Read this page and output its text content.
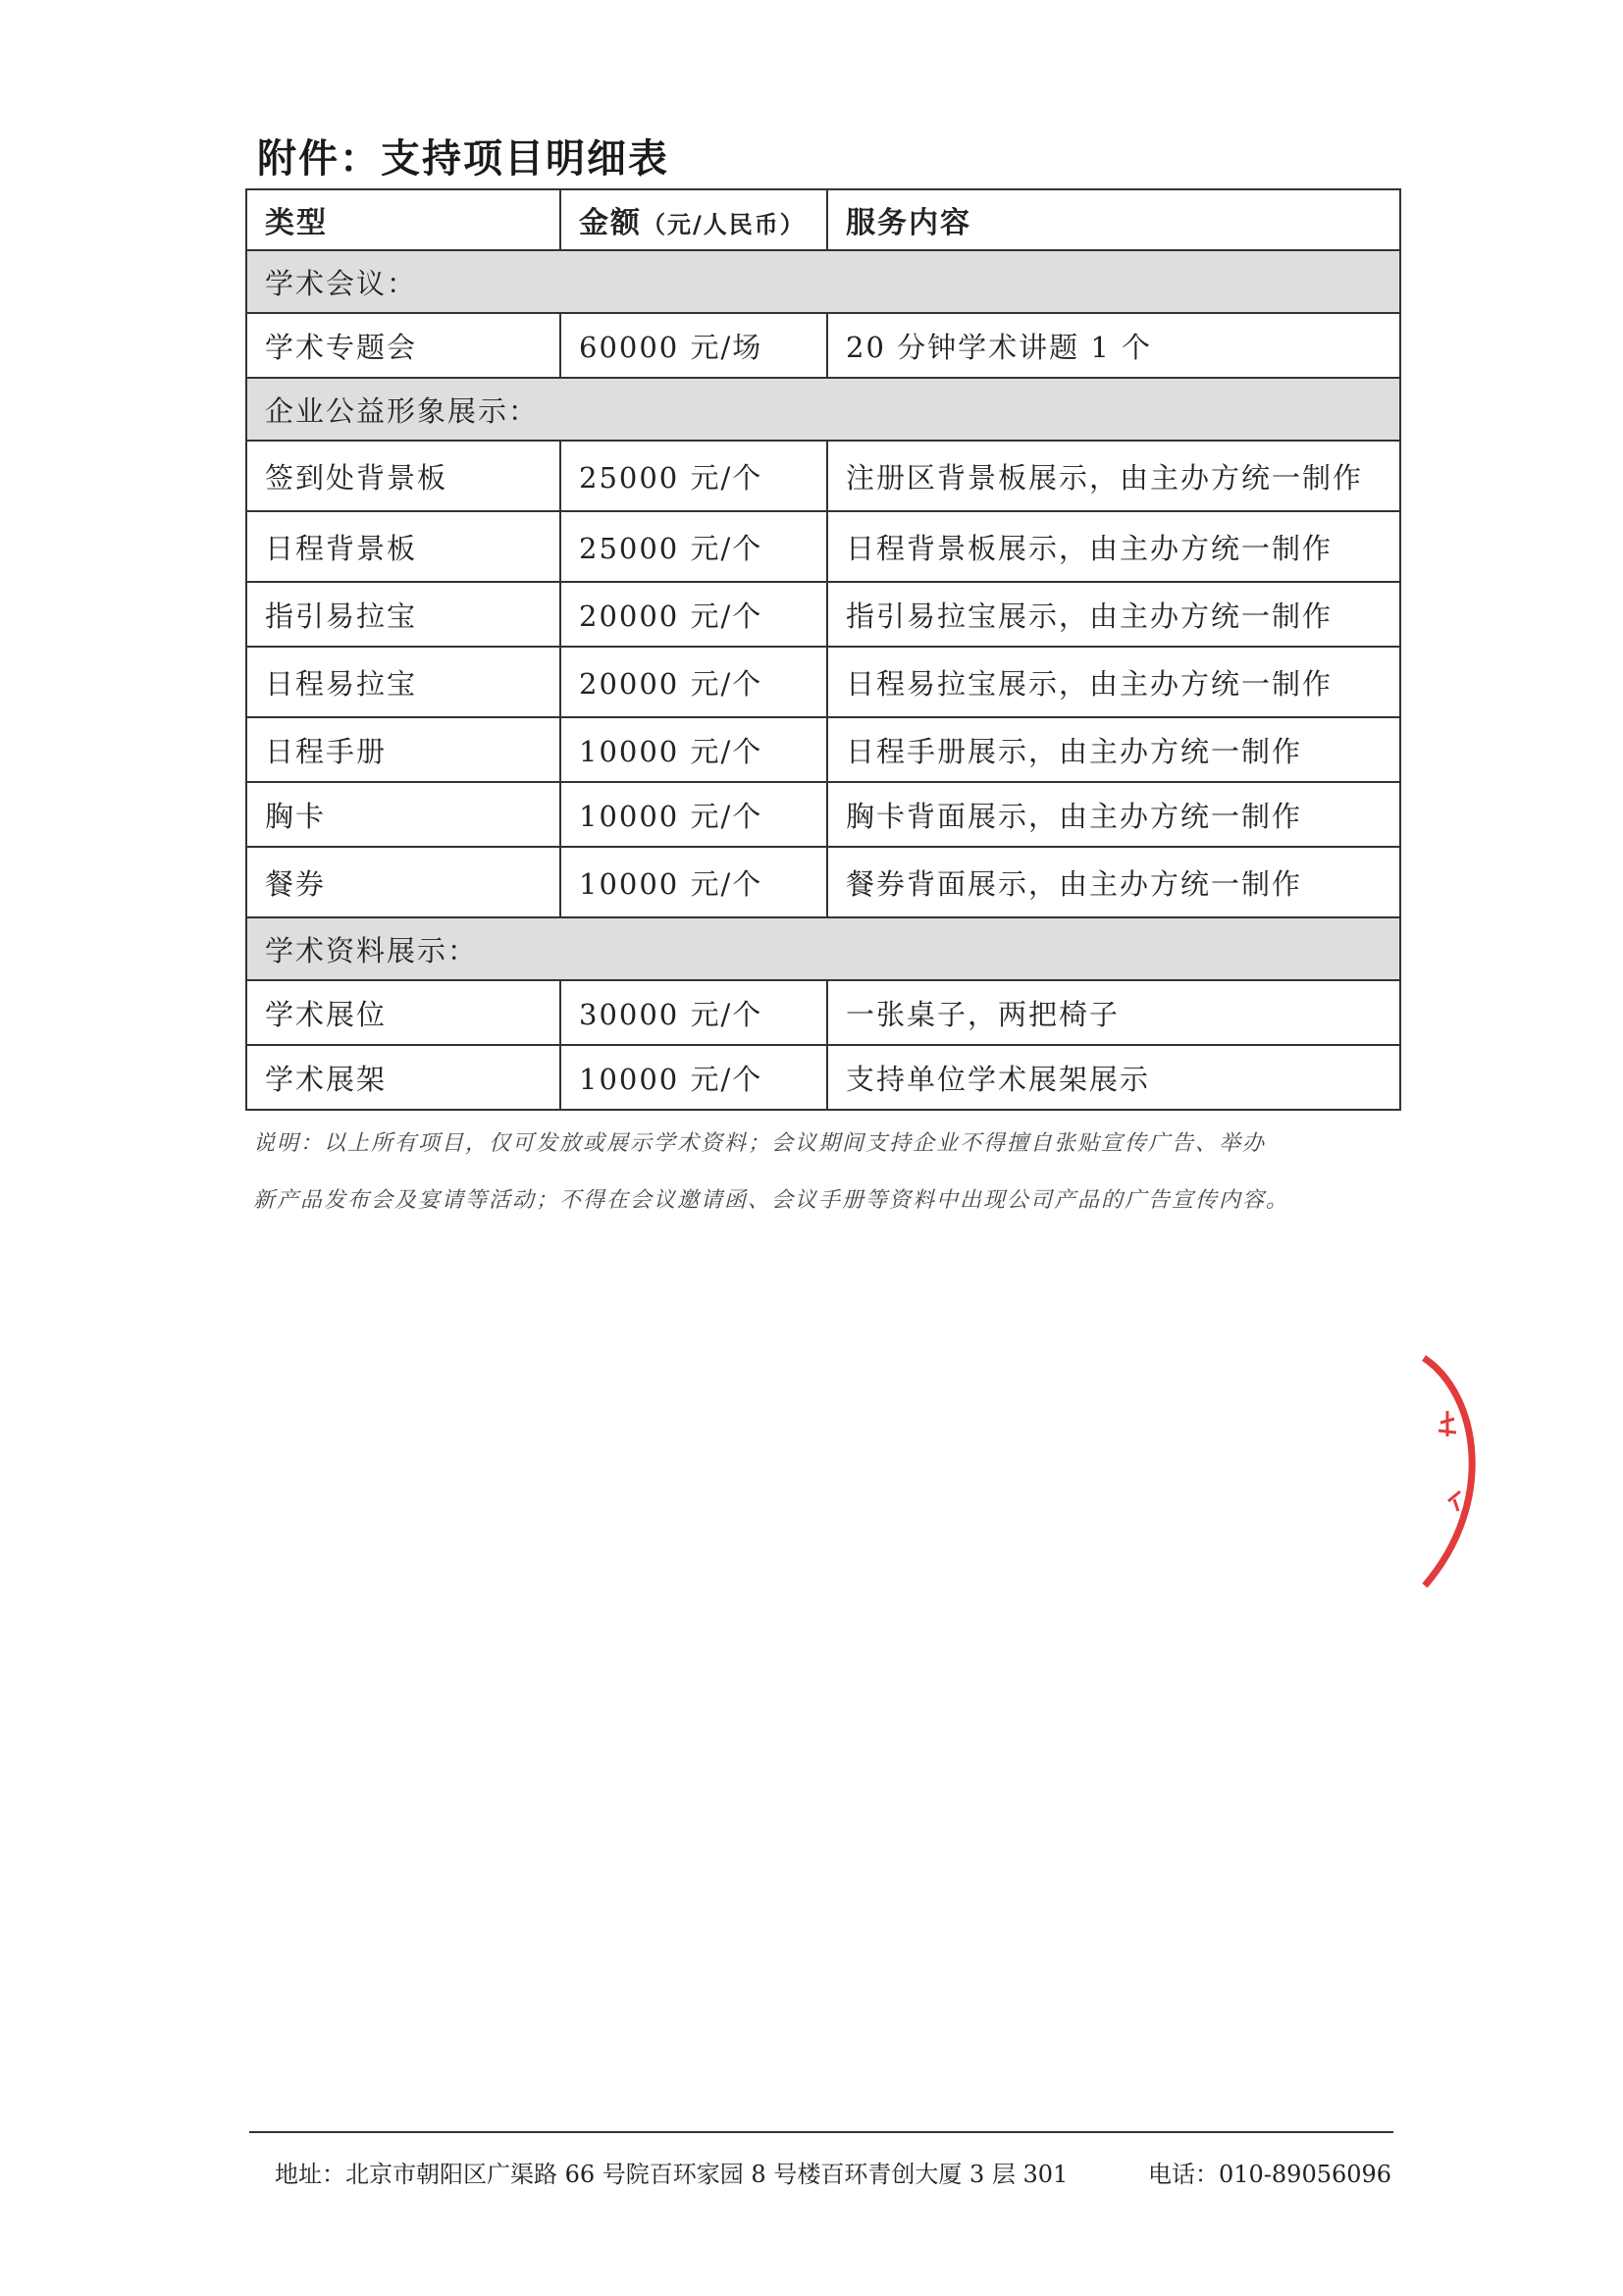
附件：支持项目明细表
类型	金额（元/人民币）	服务内容
学术会议：		
学术专题会	60000 元/场	20 分钟学术讲题 1 个
企业公益形象展示：		
签到处背景板	25000 元/个	注册区背景板展示，由主办方统一制作
日程背景板	25000 元/个	日程背景板展示，由主办方统一制作
指引易拉宝	20000 元/个	指引易拉宝展示，由主办方统一制作
日程易拉宝	20000 元/个	日程易拉宝展示，由主办方统一制作
日程手册	10000 元/个	日程手册展示，由主办方统一制作
胸卡	10000 元/个	胸卡背面展示，由主办方统一制作
餐券	10000 元/个	餐券背面展示，由主办方统一制作
学术资料展示：		
学术展位	30000 元/个	一张桌子，两把椅子
学术展架	10000 元/个	支持单位学术展架展示
说明：以上所有项目，仅可发放或展示学术资料；会议期间支持企业不得擅自张贴宣传广告、举办
新产品发布会及宴请等活动；不得在会议邀请函、会议手册等资料中出现公司产品的广告宣传内容。
地址：北京市朝阳区广渠路 66 号院百环家园 8 号楼百环青创大厦 3 层 301	电话：010-89056096
